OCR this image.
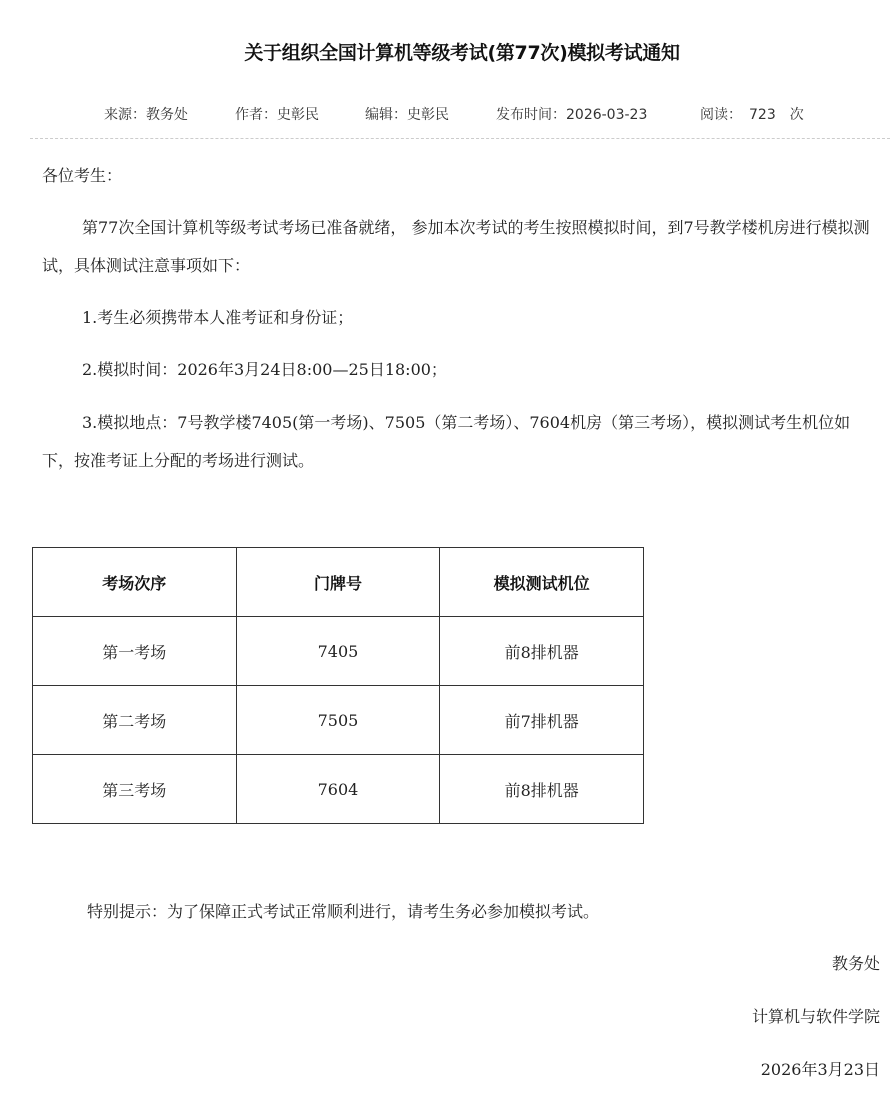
关于组织全国计算机等级考试(第77次)模拟考试通知
来源：教务处	作者：史彰民	编辑：史彰民	发布时间：2026-03-23	阅读：　723　次

各位考生：

第77次全国计算机等级考试考场已准备就绪， 参加本次考试的考生按照模拟时间，到7号教学楼机房进行模拟测试，具体测试注意事项如下：

1.考生必须携带本人准考证和身份证；

2.模拟时间：2026年3月24日8:00—25日18:00；

3.模拟地点：7号教学楼7405(第一考场)、7505（第二考场）、7604机房（第三考场），模拟测试考生机位如下，按准考证上分配的考场进行测试。

考场次序	门牌号	模拟测试机位
第一考场	7405	前8排机器
第二考场	7505	前7排机器
第三考场	7604	前8排机器

特别提示：为了保障正式考试正常顺利进行，请考生务必参加模拟考试。

教务处
计算机与软件学院
2026年3月23日
